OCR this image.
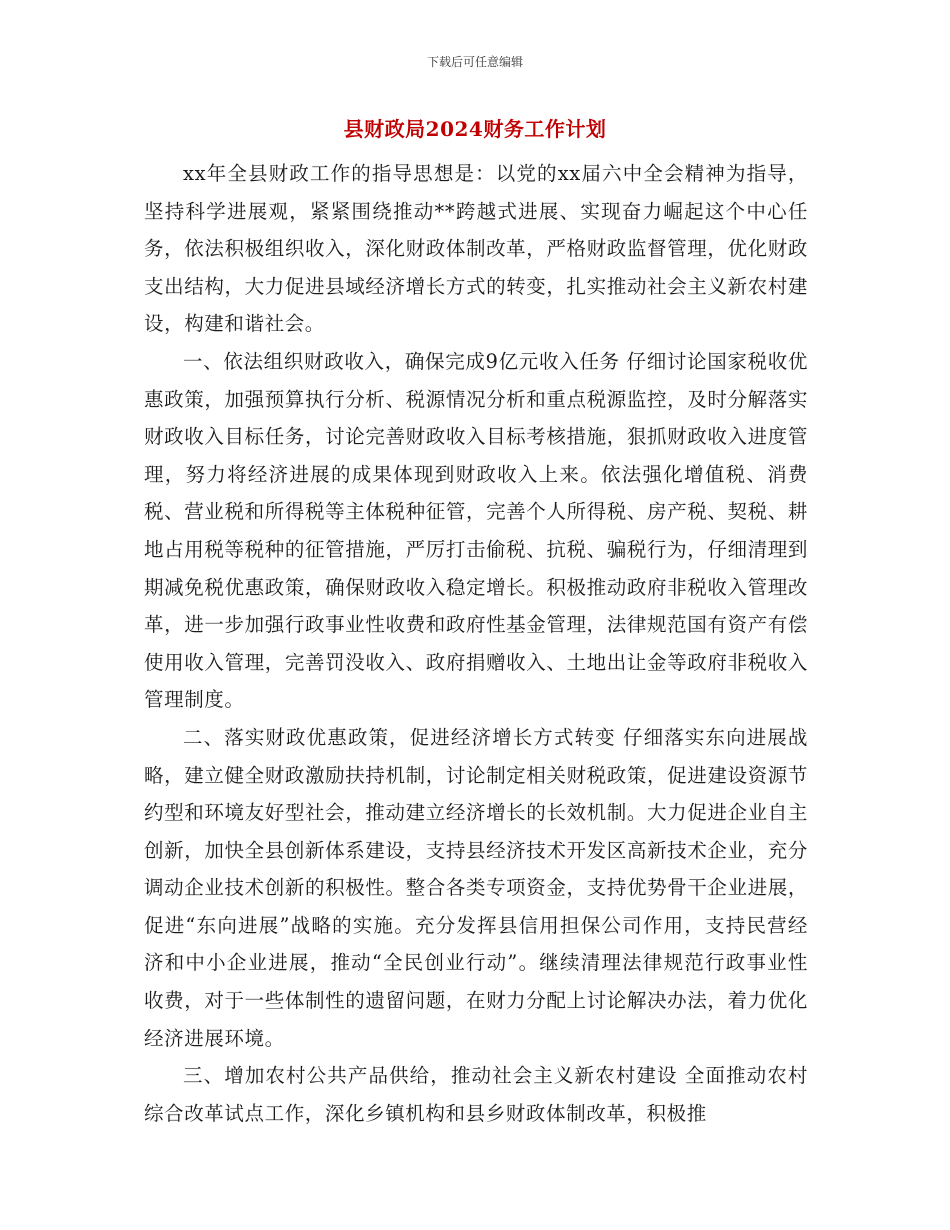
下载后可任意编辑
县财政局2024财务工作计划

xx年全县财政工作的指导思想是：以党的xx届六中全会精神为指导，坚持科学进展观，紧紧围绕推动**跨越式进展、实现奋力崛起这个中心任务，依法积极组织收入，深化财政体制改革，严格财政监督管理，优化财政支出结构，大力促进县域经济增长方式的转变，扎实推动社会主义新农村建设，构建和谐社会。

一、依法组织财政收入，确保完成9亿元收入任务 仔细讨论国家税收优惠政策，加强预算执行分析、税源情况分析和重点税源监控，及时分解落实财政收入目标任务，讨论完善财政收入目标考核措施，狠抓财政收入进度管理，努力将经济进展的成果体现到财政收入上来。依法强化增值税、消费税、营业税和所得税等主体税种征管，完善个人所得税、房产税、契税、耕地占用税等税种的征管措施，严厉打击偷税、抗税、骗税行为，仔细清理到期减免税优惠政策，确保财政收入稳定增长。积极推动政府非税收入管理改革，进一步加强行政事业性收费和政府性基金管理，法律规范国有资产有偿使用收入管理，完善罚没收入、政府捐赠收入、土地出让金等政府非税收入管理制度。

二、落实财政优惠政策，促进经济增长方式转变 仔细落实东向进展战略，建立健全财政激励扶持机制，讨论制定相关财税政策，促进建设资源节约型和环境友好型社会，推动建立经济增长的长效机制。大力促进企业自主创新，加快全县创新体系建设，支持县经济技术开发区高新技术企业，充分调动企业技术创新的积极性。整合各类专项资金，支持优势骨干企业进展，促进“东向进展”战略的实施。充分发挥县信用担保公司作用，支持民营经济和中小企业进展，推动“全民创业行动”。继续清理法律规范行政事业性收费，对于一些体制性的遗留问题，在财力分配上讨论解决办法，着力优化经济进展环境。

三、增加农村公共产品供给，推动社会主义新农村建设 全面推动农村综合改革试点工作，深化乡镇机构和县乡财政体制改革，积极推
